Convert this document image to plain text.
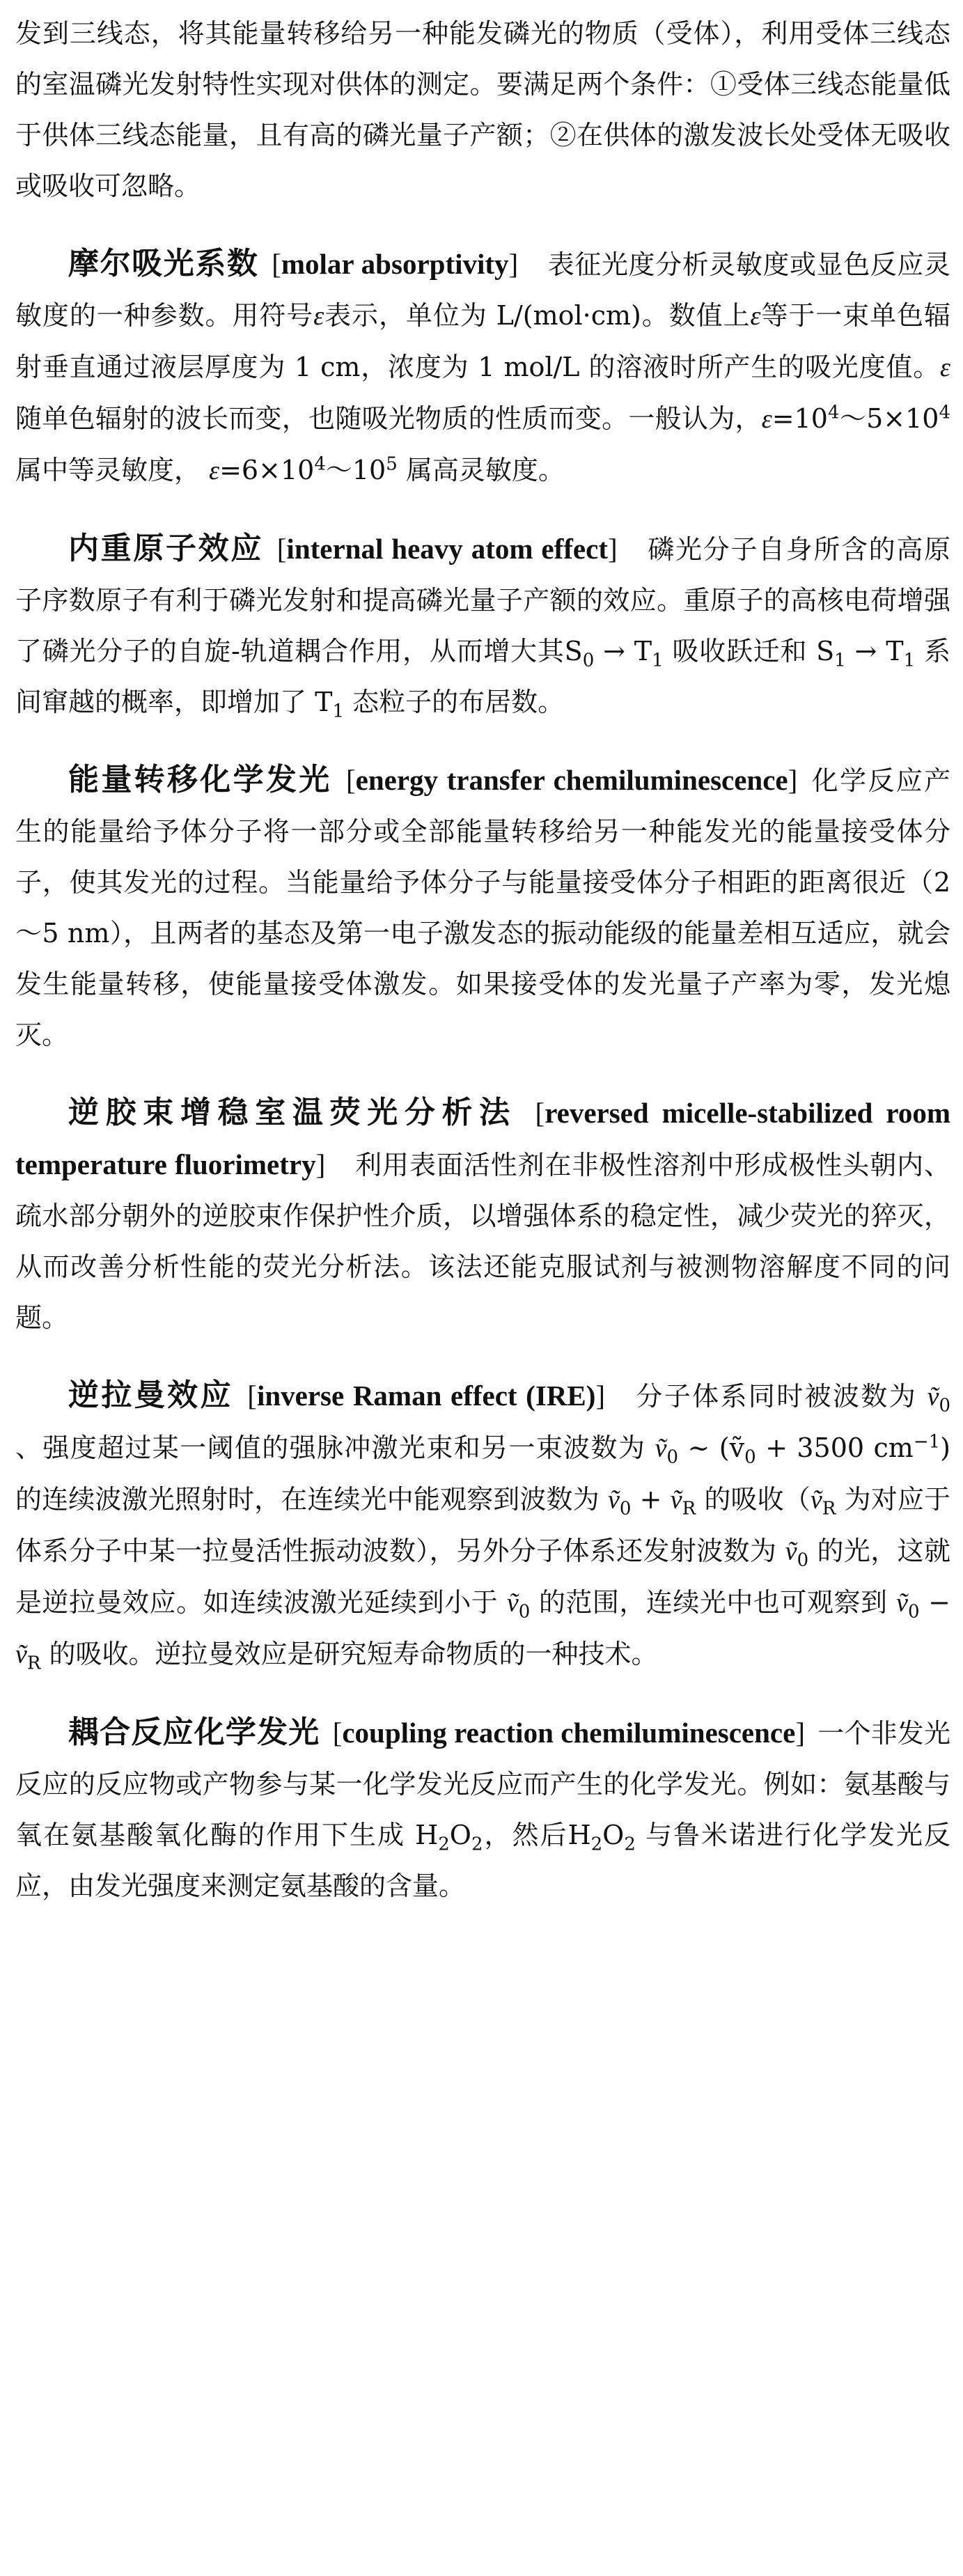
发到三线态，将其能量转移给另一种能发磷光的物质（受体），利用受体三线态的室温磷光发射特性实现对供体的测定。要满足两个条件：①受体三线态能量低于供体三线态能量，且有高的磷光量子产额；②在供体的激发波长处受体无吸收或吸收可忽略。

摩尔吸光系数 [molar absorptivity] 表征光度分析灵敏度或显色反应灵敏度的一种参数。用符号ε表示，单位为 L/(mol·cm)。数值上ε等于一束单色辐射垂直通过液层厚度为 1 cm，浓度为 1 mol/L 的溶液时所产生的吸光度值。ε随单色辐射的波长而变，也随吸光物质的性质而变。一般认为，$\varepsilon=10^4\sim 5\times 10^4$ 属中等灵敏度， $\varepsilon=6\times 10^4\sim 10^5$ 属高灵敏度。

内重原子效应 [internal heavy atom effect] 磷光分子自身所含的高原子序数原子有利于磷光发射和提高磷光量子产额的效应。重原子的高核电荷增强了磷光分子的自旋-轨道耦合作用，从而增大其$S_0 \to T_1$ 吸收跃迁和 $S_1 \to T_1$ 系间窜越的概率，即增加了 $T_1$ 态粒子的布居数。

能量转移化学发光 [energy transfer chemiluminescence] 化学反应产生的能量给予体分子将一部分或全部能量转移给另一种能发光的能量接受体分子，使其发光的过程。当能量给予体分子与能量接受体分子相距的距离很近（2～5 nm），且两者的基态及第一电子激发态的振动能级的能量差相互适应，就会发生能量转移，使能量接受体激发。如果接受体的发光量子产率为零，发光熄灭。

逆胶束增稳室温荧光分析法 [reversed micelle-stabilized room temperature fluorimetry] 利用表面活性剂在非极性溶剂中形成极性头朝内、疏水部分朝外的逆胶束作保护性介质，以增强体系的稳定性，减少荧光的猝灭，从而改善分析性能的荧光分析法。该法还能克服试剂与被测物溶解度不同的问题。

逆拉曼效应 [inverse Raman effect (IRE)] 分子体系同时被波数为 ṽ$_0$ 、强度超过某一阈值的强脉冲激光束和另一束波数为 ṽ$_0$ ~ (ṽ$_0$ + 3500 $cm^{-1}$) 的连续波激光照射时，在连续光中能观察到波数为 ṽ$_0$ + ṽ$_R$ 的吸收（ṽ$_R$ 为对应于体系分子中某一拉曼活性振动波数），另外分子体系还发射波数为 ṽ$_0$ 的光，这就是逆拉曼效应。如连续波激光延续到小于 ṽ$_0$ 的范围，连续光中也可观察到 ṽ$_0$ − ṽ$_R$ 的吸收。逆拉曼效应是研究短寿命物质的一种技术。

耦合反应化学发光 [coupling reaction chemiluminescence] 一个非发光反应的反应物或产物参与某一化学发光反应而产生的化学发光。例如：氨基酸与氧在氨基酸氧化酶的作用下生成 $H_2O_2$，然后$H_2O_2$ 与鲁米诺进行化学发光反应，由发光强度来测定氨基酸的含量。
